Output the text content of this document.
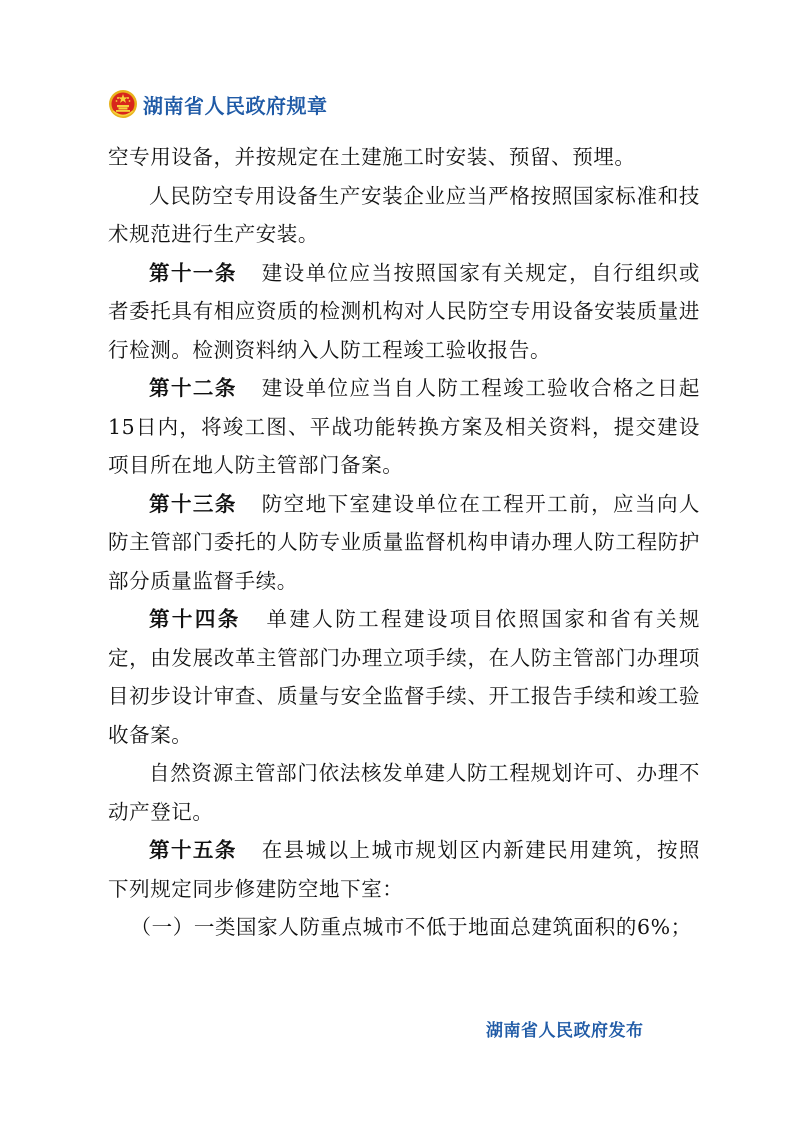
湖南省人民政府规章

空专用设备，并按规定在土建施工时安装、预留、预埋。

人民防空专用设备生产安装企业应当严格按照国家标准和技术规范进行生产安装。

第十一条 建设单位应当按照国家有关规定，自行组织或者委托具有相应资质的检测机构对人民防空专用设备安装质量进行检测。检测资料纳入人防工程竣工验收报告。

第十二条 建设单位应当自人防工程竣工验收合格之日起15日内，将竣工图、平战功能转换方案及相关资料，提交建设项目所在地人防主管部门备案。

第十三条 防空地下室建设单位在工程开工前，应当向人防主管部门委托的人防专业质量监督机构申请办理人防工程防护部分质量监督手续。

第十四条 单建人防工程建设项目依照国家和省有关规定，由发展改革主管部门办理立项手续，在人防主管部门办理项目初步设计审查、质量与安全监督手续、开工报告手续和竣工验收备案。

自然资源主管部门依法核发单建人防工程规划许可、办理不动产登记。

第十五条 在县城以上城市规划区内新建民用建筑，按照下列规定同步修建防空地下室：

（一）一类国家人防重点城市不低于地面总建筑面积的6%；

湖南省人民政府发布
